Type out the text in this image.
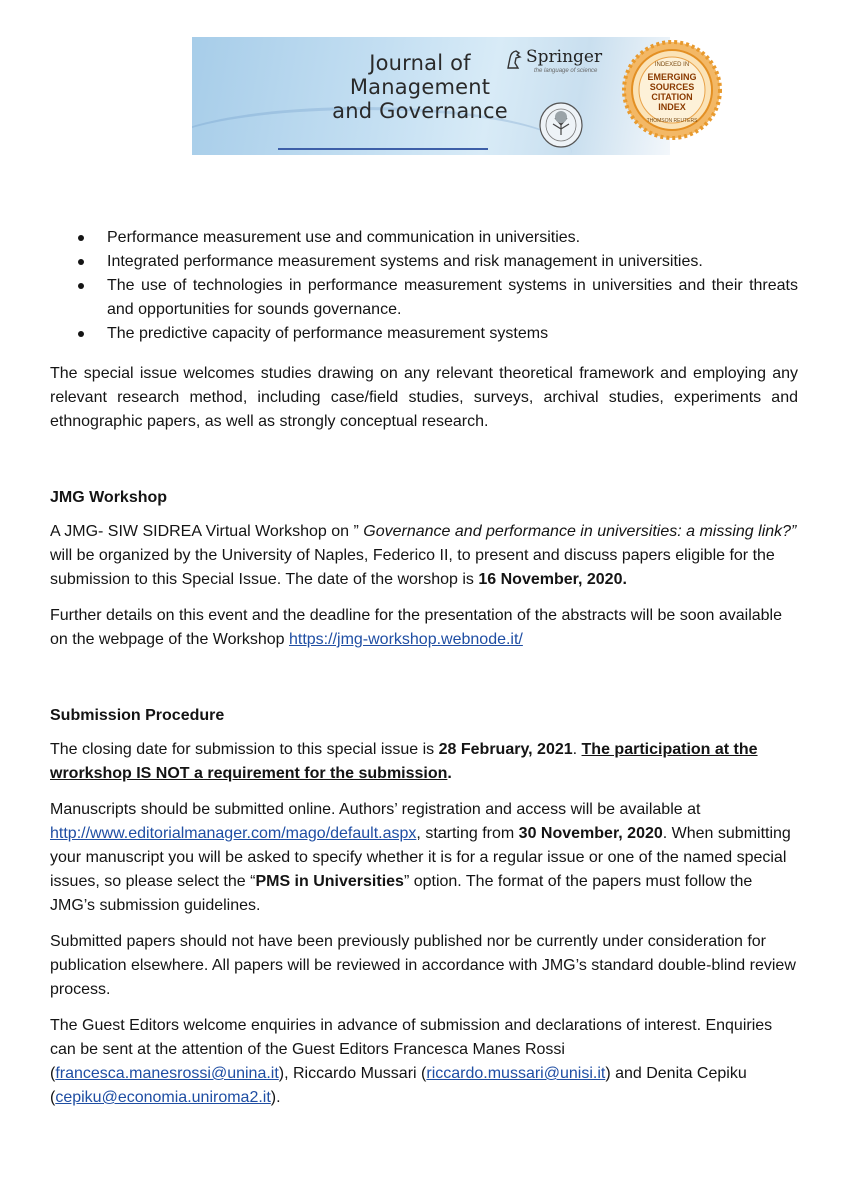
Journal of
Management
and Governance
Springer
the language of science
INDEXED IN
EMERGING
SOURCES
CITATION
INDEX
THOMSON REUTERS
Performance measurement use and communication in universities.
Integrated performance measurement systems and risk management in universities.
The use of technologies in performance measurement systems in universities and their threats and opportunities for sounds governance.
The predictive capacity of performance measurement systems

The special issue welcomes studies drawing on any relevant theoretical framework and employing any relevant research method, including case/field studies, surveys, archival studies, experiments and ethnographic papers, as well as strongly conceptual research.

JMG Workshop

A JMG- SIW SIDREA Virtual Workshop on ” Governance and performance in universities: a missing link?” will be organized by the University of Naples, Federico II, to present and discuss papers eligible for the submission to this Special Issue. The date of the worshop is 16 November, 2020.

Further details on this event and the deadline for the presentation of the abstracts will be soon available on the webpage of the Workshop https://jmg-workshop.webnode.it/

Submission Procedure

The closing date for submission to this special issue is 28 February, 2021. The participation at the wrorkshop IS NOT a requirement for the submission.

Manuscripts should be submitted online. Authors’ registration and access will be available at http://www.editorialmanager.com/mago/default.aspx, starting from 30 November, 2020. When submitting your manuscript you will be asked to specify whether it is for a regular issue or one of the named special issues, so please select the “PMS in Universities” option. The format of the papers must follow the JMG’s submission guidelines.

Submitted papers should not have been previously published nor be currently under consideration for publication elsewhere. All papers will be reviewed in accordance with JMG’s standard double-blind review process.

The Guest Editors welcome enquiries in advance of submission and declarations of interest. Enquiries can be sent at the attention of the Guest Editors Francesca Manes Rossi (francesca.manesrossi@unina.it), Riccardo Mussari (riccardo.mussari@unisi.it) and Denita Cepiku (cepiku@economia.uniroma2.it).
